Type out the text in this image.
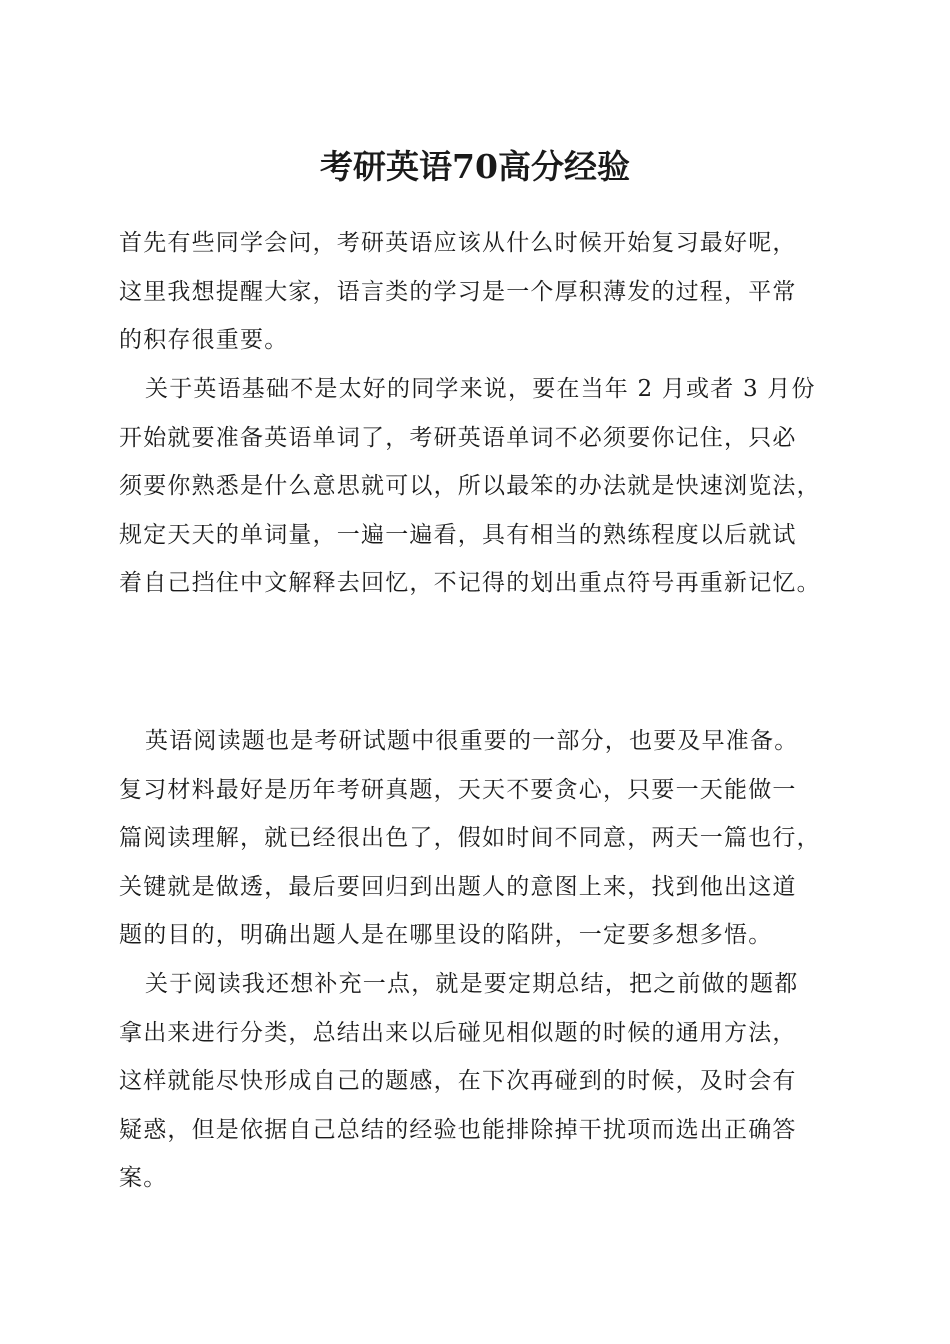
考研英语70高分经验

首先有些同学会问，考研英语应该从什么时候开始复习最好呢，
这里我想提醒大家，语言类的学习是一个厚积薄发的过程，平常
的积存很重要。

关于英语基础不是太好的同学来说，要在当年 2 月或者 3 月份
开始就要准备英语单词了，考研英语单词不必须要你记住，只必
须要你熟悉是什么意思就可以，所以最笨的办法就是快速浏览法，
规定天天的单词量，一遍一遍看，具有相当的熟练程度以后就试
着自己挡住中文解释去回忆，不记得的划出重点符号再重新记忆。

英语阅读题也是考研试题中很重要的一部分，也要及早准备。
复习材料最好是历年考研真题，天天不要贪心，只要一天能做一
篇阅读理解，就已经很出色了，假如时间不同意，两天一篇也行，
关键就是做透，最后要回归到出题人的意图上来，找到他出这道
题的目的，明确出题人是在哪里设的陷阱，一定要多想多悟。

关于阅读我还想补充一点，就是要定期总结，把之前做的题都
拿出来进行分类，总结出来以后碰见相似题的时候的通用方法，
这样就能尽快形成自己的题感，在下次再碰到的时候，及时会有
疑惑，但是依据自己总结的经验也能排除掉干扰项而选出正确答
案。
